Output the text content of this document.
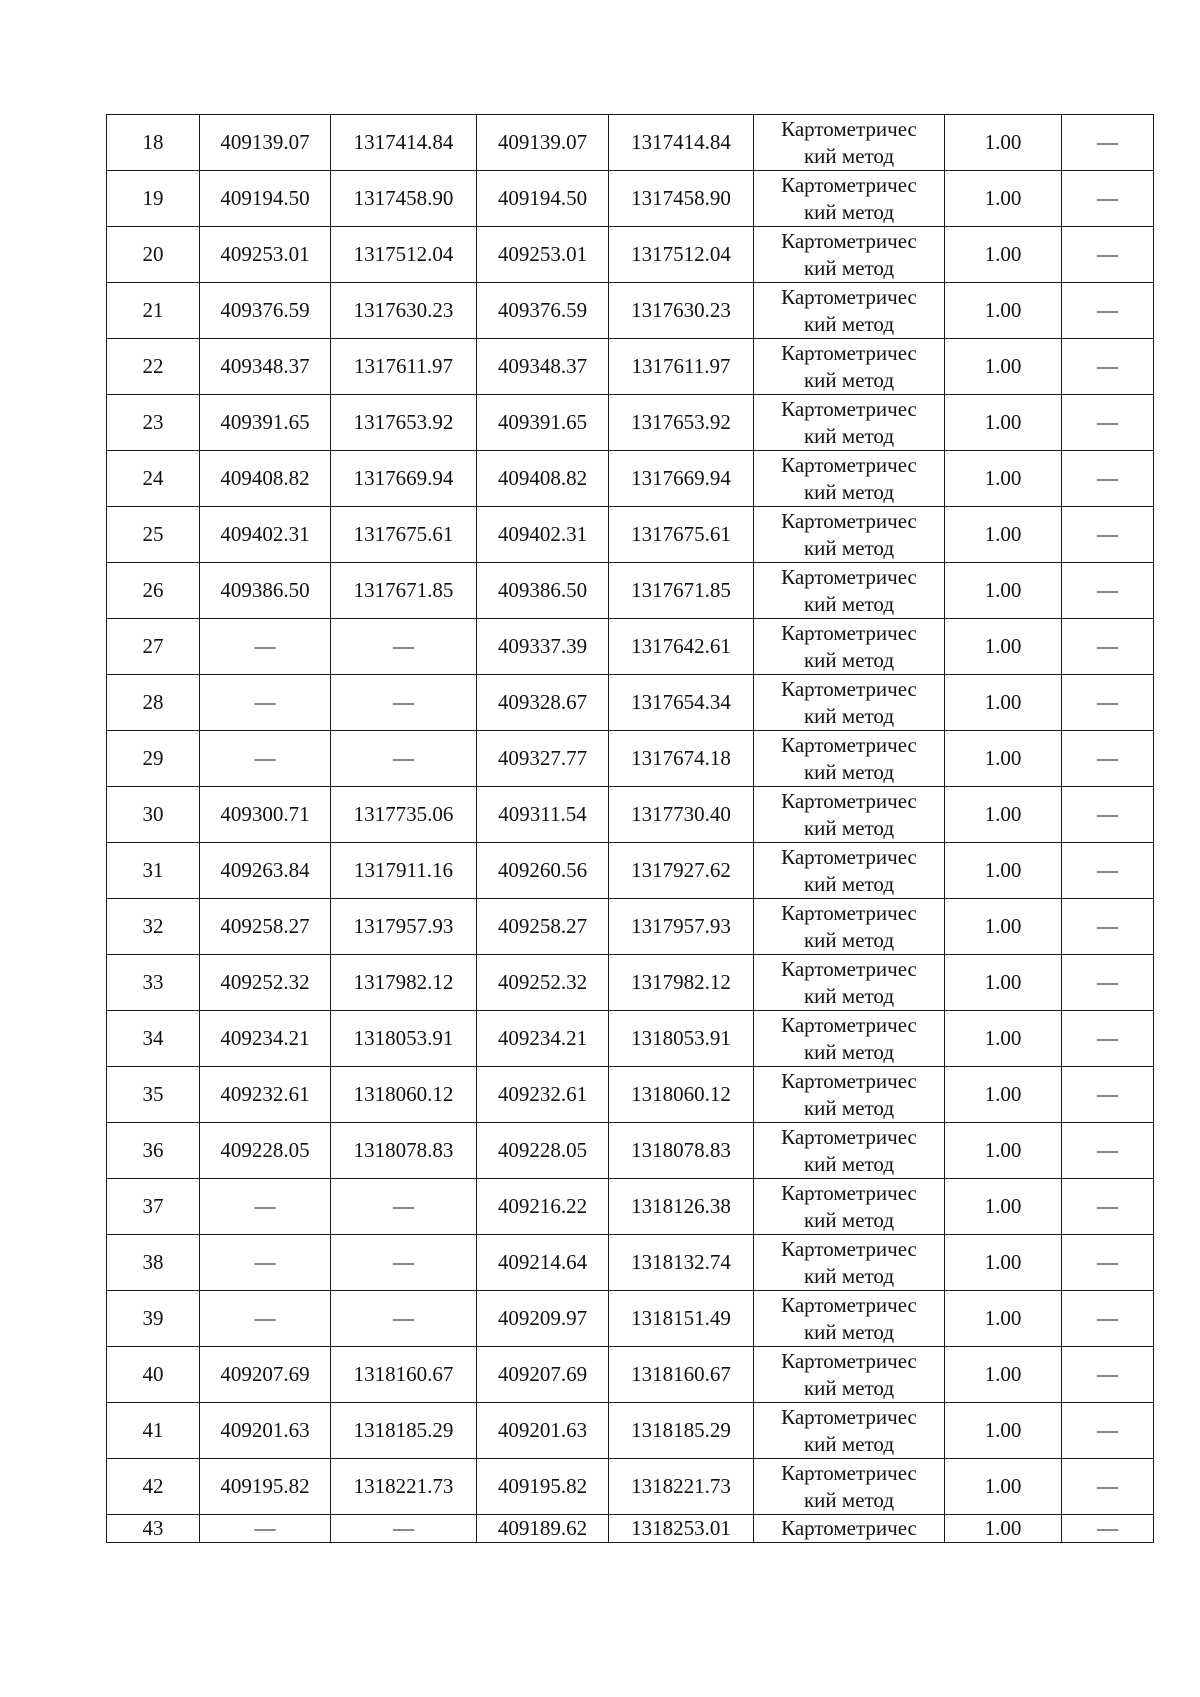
18	409139.07	1317414.84	409139.07	1317414.84	Картометричес
кий метод	1.00	—
19	409194.50	1317458.90	409194.50	1317458.90	Картометричес
кий метод	1.00	—
20	409253.01	1317512.04	409253.01	1317512.04	Картометричес
кий метод	1.00	—
21	409376.59	1317630.23	409376.59	1317630.23	Картометричес
кий метод	1.00	—
22	409348.37	1317611.97	409348.37	1317611.97	Картометричес
кий метод	1.00	—
23	409391.65	1317653.92	409391.65	1317653.92	Картометричес
кий метод	1.00	—
24	409408.82	1317669.94	409408.82	1317669.94	Картометричес
кий метод	1.00	—
25	409402.31	1317675.61	409402.31	1317675.61	Картометричес
кий метод	1.00	—
26	409386.50	1317671.85	409386.50	1317671.85	Картометричес
кий метод	1.00	—
27	—	—	409337.39	1317642.61	Картометричес
кий метод	1.00	—
28	—	—	409328.67	1317654.34	Картометричес
кий метод	1.00	—
29	—	—	409327.77	1317674.18	Картометричес
кий метод	1.00	—
30	409300.71	1317735.06	409311.54	1317730.40	Картометричес
кий метод	1.00	—
31	409263.84	1317911.16	409260.56	1317927.62	Картометричес
кий метод	1.00	—
32	409258.27	1317957.93	409258.27	1317957.93	Картометричес
кий метод	1.00	—
33	409252.32	1317982.12	409252.32	1317982.12	Картометричес
кий метод	1.00	—
34	409234.21	1318053.91	409234.21	1318053.91	Картометричес
кий метод	1.00	—
35	409232.61	1318060.12	409232.61	1318060.12	Картометричес
кий метод	1.00	—
36	409228.05	1318078.83	409228.05	1318078.83	Картометричес
кий метод	1.00	—
37	—	—	409216.22	1318126.38	Картометричес
кий метод	1.00	—
38	—	—	409214.64	1318132.74	Картометричес
кий метод	1.00	—
39	—	—	409209.97	1318151.49	Картометричес
кий метод	1.00	—
40	409207.69	1318160.67	409207.69	1318160.67	Картометричес
кий метод	1.00	—
41	409201.63	1318185.29	409201.63	1318185.29	Картометричес
кий метод	1.00	—
42	409195.82	1318221.73	409195.82	1318221.73	Картометричес
кий метод	1.00	—
43	—	—	409189.62	1318253.01	Картометричес	1.00	—
